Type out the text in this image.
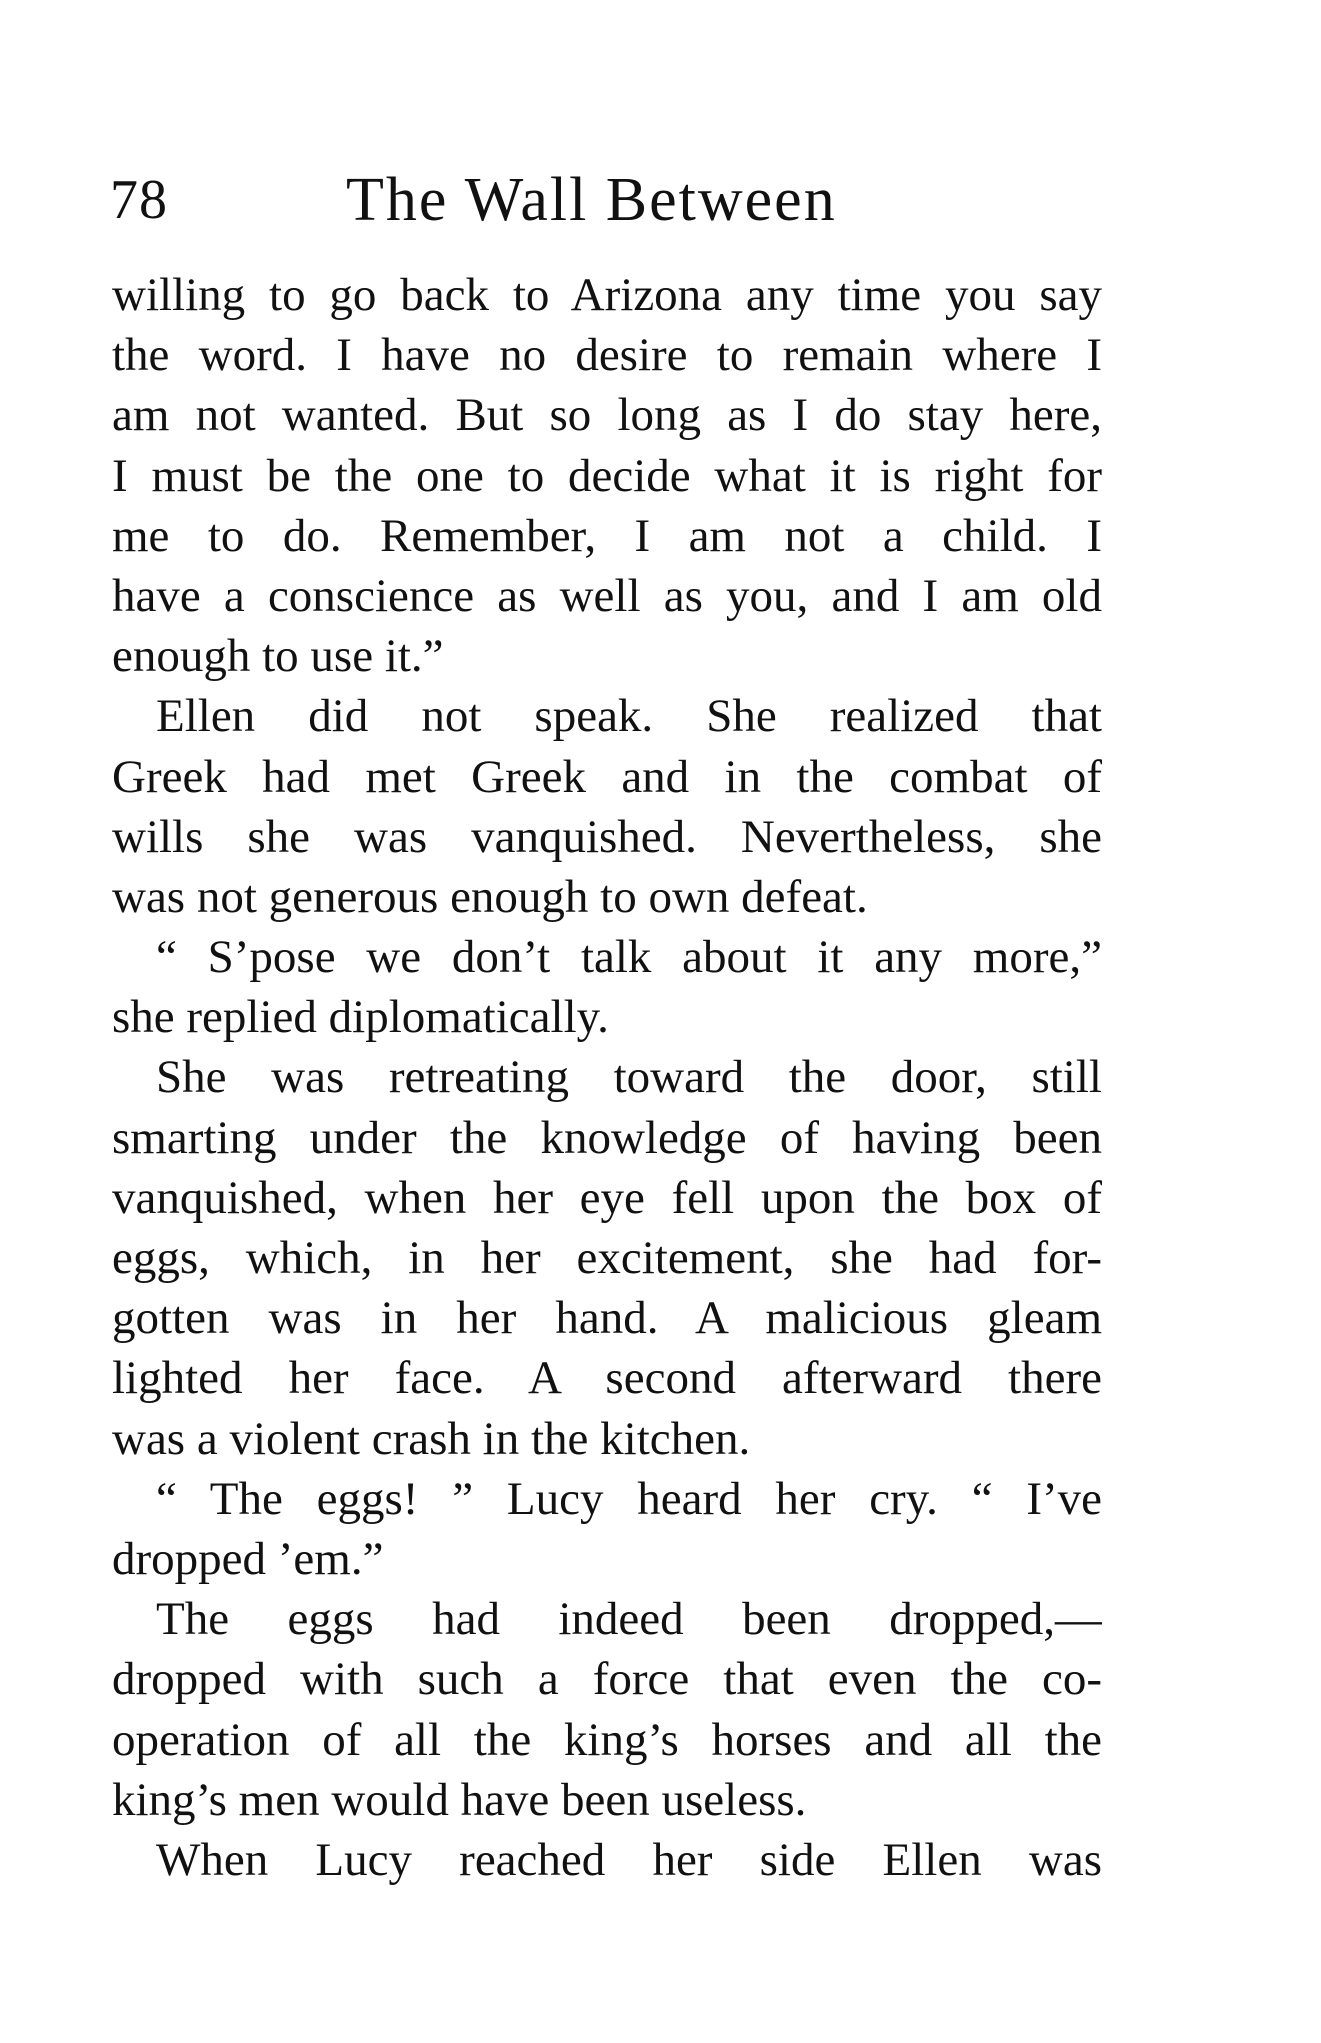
78	The Wall Between
willing to go back to Arizona any time you say
the word. I have no desire to remain where I
am not wanted. But so long as I do stay here,
I must be the one to decide what it is right for
me to do. Remember, I am not a child. I
have a conscience as well as you, and I am old
enough to use it.”
Ellen did not speak. She realized that
Greek had met Greek and in the combat of
wills she was vanquished. Nevertheless, she
was not generous enough to own defeat.
“ S’pose we don’t talk about it any more,”
she replied diplomatically.
She was retreating toward the door, still
smarting under the knowledge of having been
vanquished, when her eye fell upon the box of
eggs, which, in her excitement, she had for-
gotten was in her hand. A malicious gleam
lighted her face. A second afterward there
was a violent crash in the kitchen.
“ The eggs! ” Lucy heard her cry. “ I’ve
dropped ’em.”
The eggs had indeed been dropped,—
dropped with such a force that even the co-
operation of all the king’s horses and all the
king’s men would have been useless.
When Lucy reached her side Ellen was
